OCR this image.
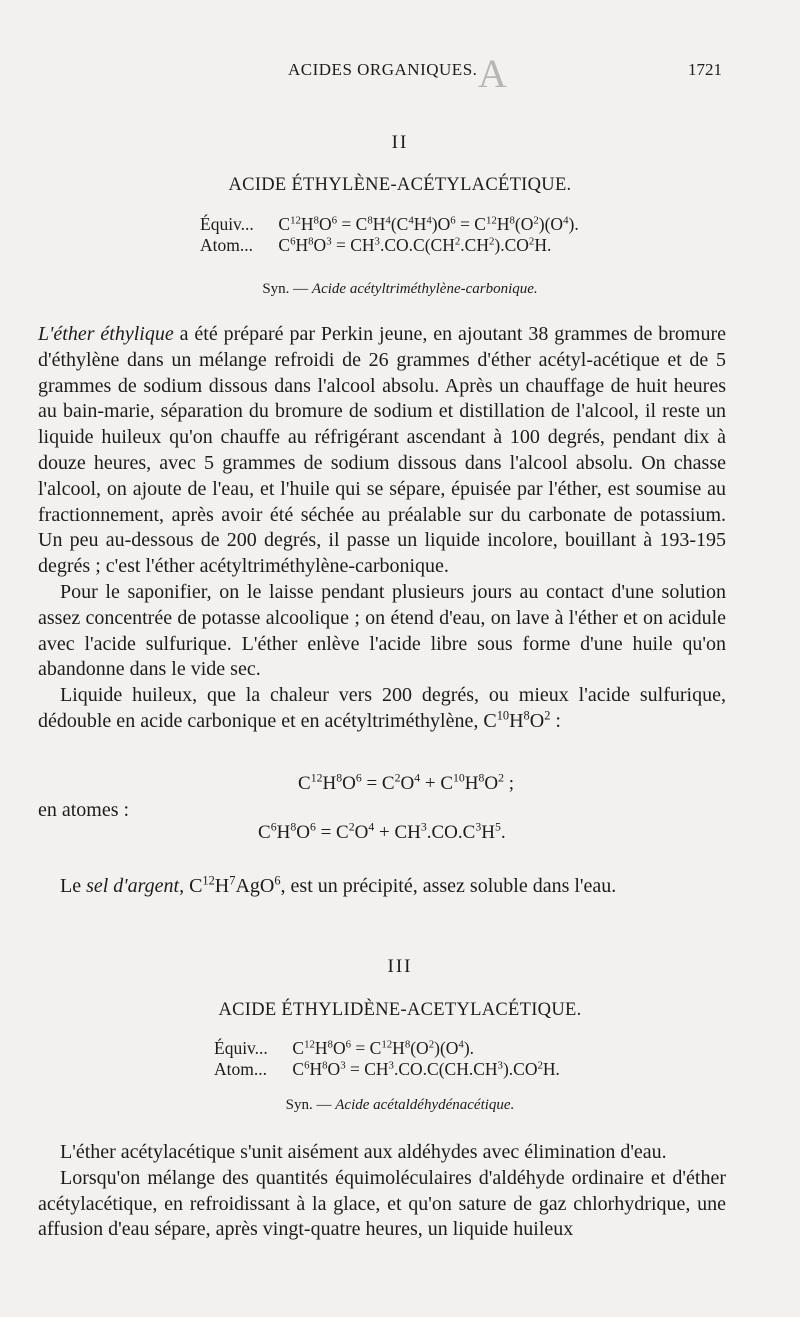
A
ACIDES ORGANIQUES.	1721
II
ACIDE ÉTHYLÈNE-ACÉTYLACÉTIQUE.
Équiv... $C^{12}H^8O^6 = C^8H^4(C^4H^4)O^6 = C^{12}H^8(O^2)(O^4)$.
Atom... $C^6H^8O^3 = CH^3.CO.C(CH^2.CH^2).CO^2H$.
Syn. — Acide acétyltriméthylène-carbonique.

L'éther éthylique a été préparé par Perkin jeune, en ajoutant 38 grammes de bromure d'éthylène dans un mélange refroidi de 26 grammes d'éther acétyl-acétique et de 5 grammes de sodium dissous dans l'alcool absolu. Après un chauffage de huit heures au bain-marie, séparation du bromure de sodium et distillation de l'alcool, il reste un liquide huileux qu'on chauffe au réfrigérant ascendant à 100 degrés, pendant dix à douze heures, avec 5 grammes de sodium dissous dans l'alcool absolu. On chasse l'alcool, on ajoute de l'eau, et l'huile qui se sépare, épuisée par l'éther, est soumise au fractionnement, après avoir été séchée au préalable sur du carbonate de potassium. Un peu au-dessous de 200 degrés, il passe un liquide incolore, bouillant à 193-195 degrés ; c'est l'éther acétyltriméthylène-carbonique.

Pour le saponifier, on le laisse pendant plusieurs jours au contact d'une solution assez concentrée de potasse alcoolique ; on étend d'eau, on lave à l'éther et on acidule avec l'acide sulfurique. L'éther enlève l'acide libre sous forme d'une huile qu'on abandonne dans le vide sec.

Liquide huileux, que la chaleur vers 200 degrés, ou mieux l'acide sulfurique, dédouble en acide carbonique et en acétyltriméthylène, $C^{10}H^8O^2$ :

$C^{12}H^8O^6 = C^2O^4 + C^{10}H^8O^2$ ;
en atomes :
$C^6H^8O^6 = C^2O^4 + CH^3.CO.C^3H^5$.

Le sel d'argent, $C^{12}H^7AgO^6$, est un précipité, assez soluble dans l'eau.

III
ACIDE ÉTHYLIDÈNE-ACETYLACÉTIQUE.
Équiv... $C^{12}H^8O^6 = C^{12}H^8(O^2)(O^4)$.
Atom... $C^6H^8O^3 = CH^3.CO.C(CH.CH^3).CO^2H$.
Syn. — Acide acétaldéhydénacétique.

L'éther acétylacétique s'unit aisément aux aldéhydes avec élimination d'eau.

Lorsqu'on mélange des quantités équimoléculaires d'aldéhyde ordinaire et d'éther acétylacétique, en refroidissant à la glace, et qu'on sature de gaz chlorhydrique, une affusion d'eau sépare, après vingt-quatre heures, un liquide huileux
